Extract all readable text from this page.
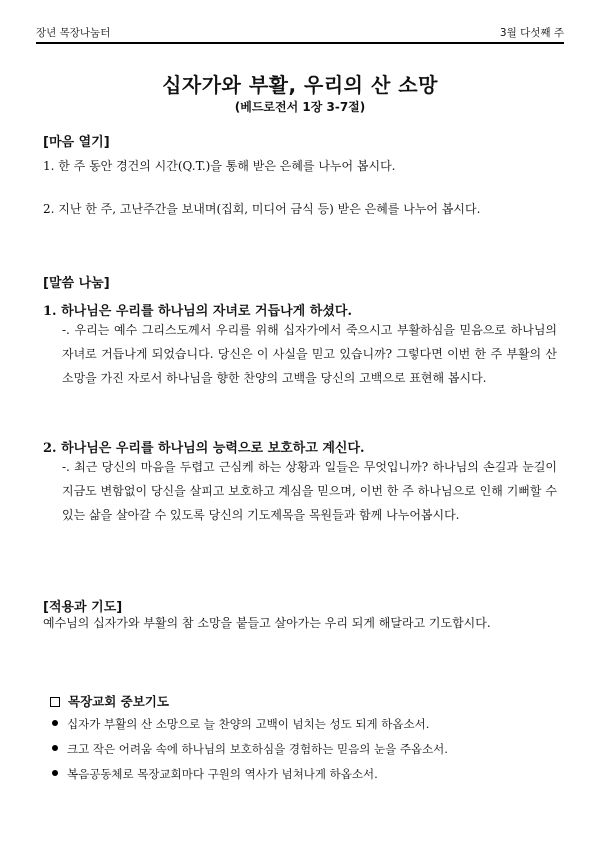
장년 목장나눔터	3월 다섯째 주
십자가와 부활, 우리의 산 소망
(베드로전서 1장 3-7절)
[마음 열기]
1. 한 주 동안 경건의 시간(Q.T.)을 통해 받은 은혜를 나누어 봅시다.
2. 지난 한 주, 고난주간을 보내며(집회, 미디어 금식 등) 받은 은혜를 나누어 봅시다.
[말씀 나눔]
1. 하나님은 우리를 하나님의 자녀로 거듭나게 하셨다.
-. 우리는 예수 그리스도께서 우리를 위해 십자가에서 죽으시고 부활하심을 믿음으로 하나님의 자녀로 거듭나게 되었습니다. 당신은 이 사실을 믿고 있습니까? 그렇다면 이번 한 주 부활의 산 소망을 가진 자로서 하나님을 향한 찬양의 고백을 당신의 고백으로 표현해 봅시다.
2. 하나님은 우리를 하나님의 능력으로 보호하고 계신다.
-. 최근 당신의 마음을 두렵고 근심케 하는 상황과 일들은 무엇입니까? 하나님의 손길과 눈길이 지금도 변함없이 당신을 살피고 보호하고 계심을 믿으며, 이번 한 주 하나님으로 인해 기뻐할 수 있는 삶을 살아갈 수 있도록 당신의 기도제목을 목원들과 함께 나누어봅시다.
[적용과 기도]
예수님의 십자가와 부활의 참 소망을 붙들고 살아가는 우리 되게 해달라고 기도합시다.
목장교회 중보기도
십자가 부활의 산 소망으로 늘 찬양의 고백이 넘치는 성도 되게 하옵소서.
크고 작은 어려움 속에 하나님의 보호하심을 경험하는 믿음의 눈을 주옵소서.
복음공동체로 목장교회마다 구원의 역사가 넘쳐나게 하옵소서.
